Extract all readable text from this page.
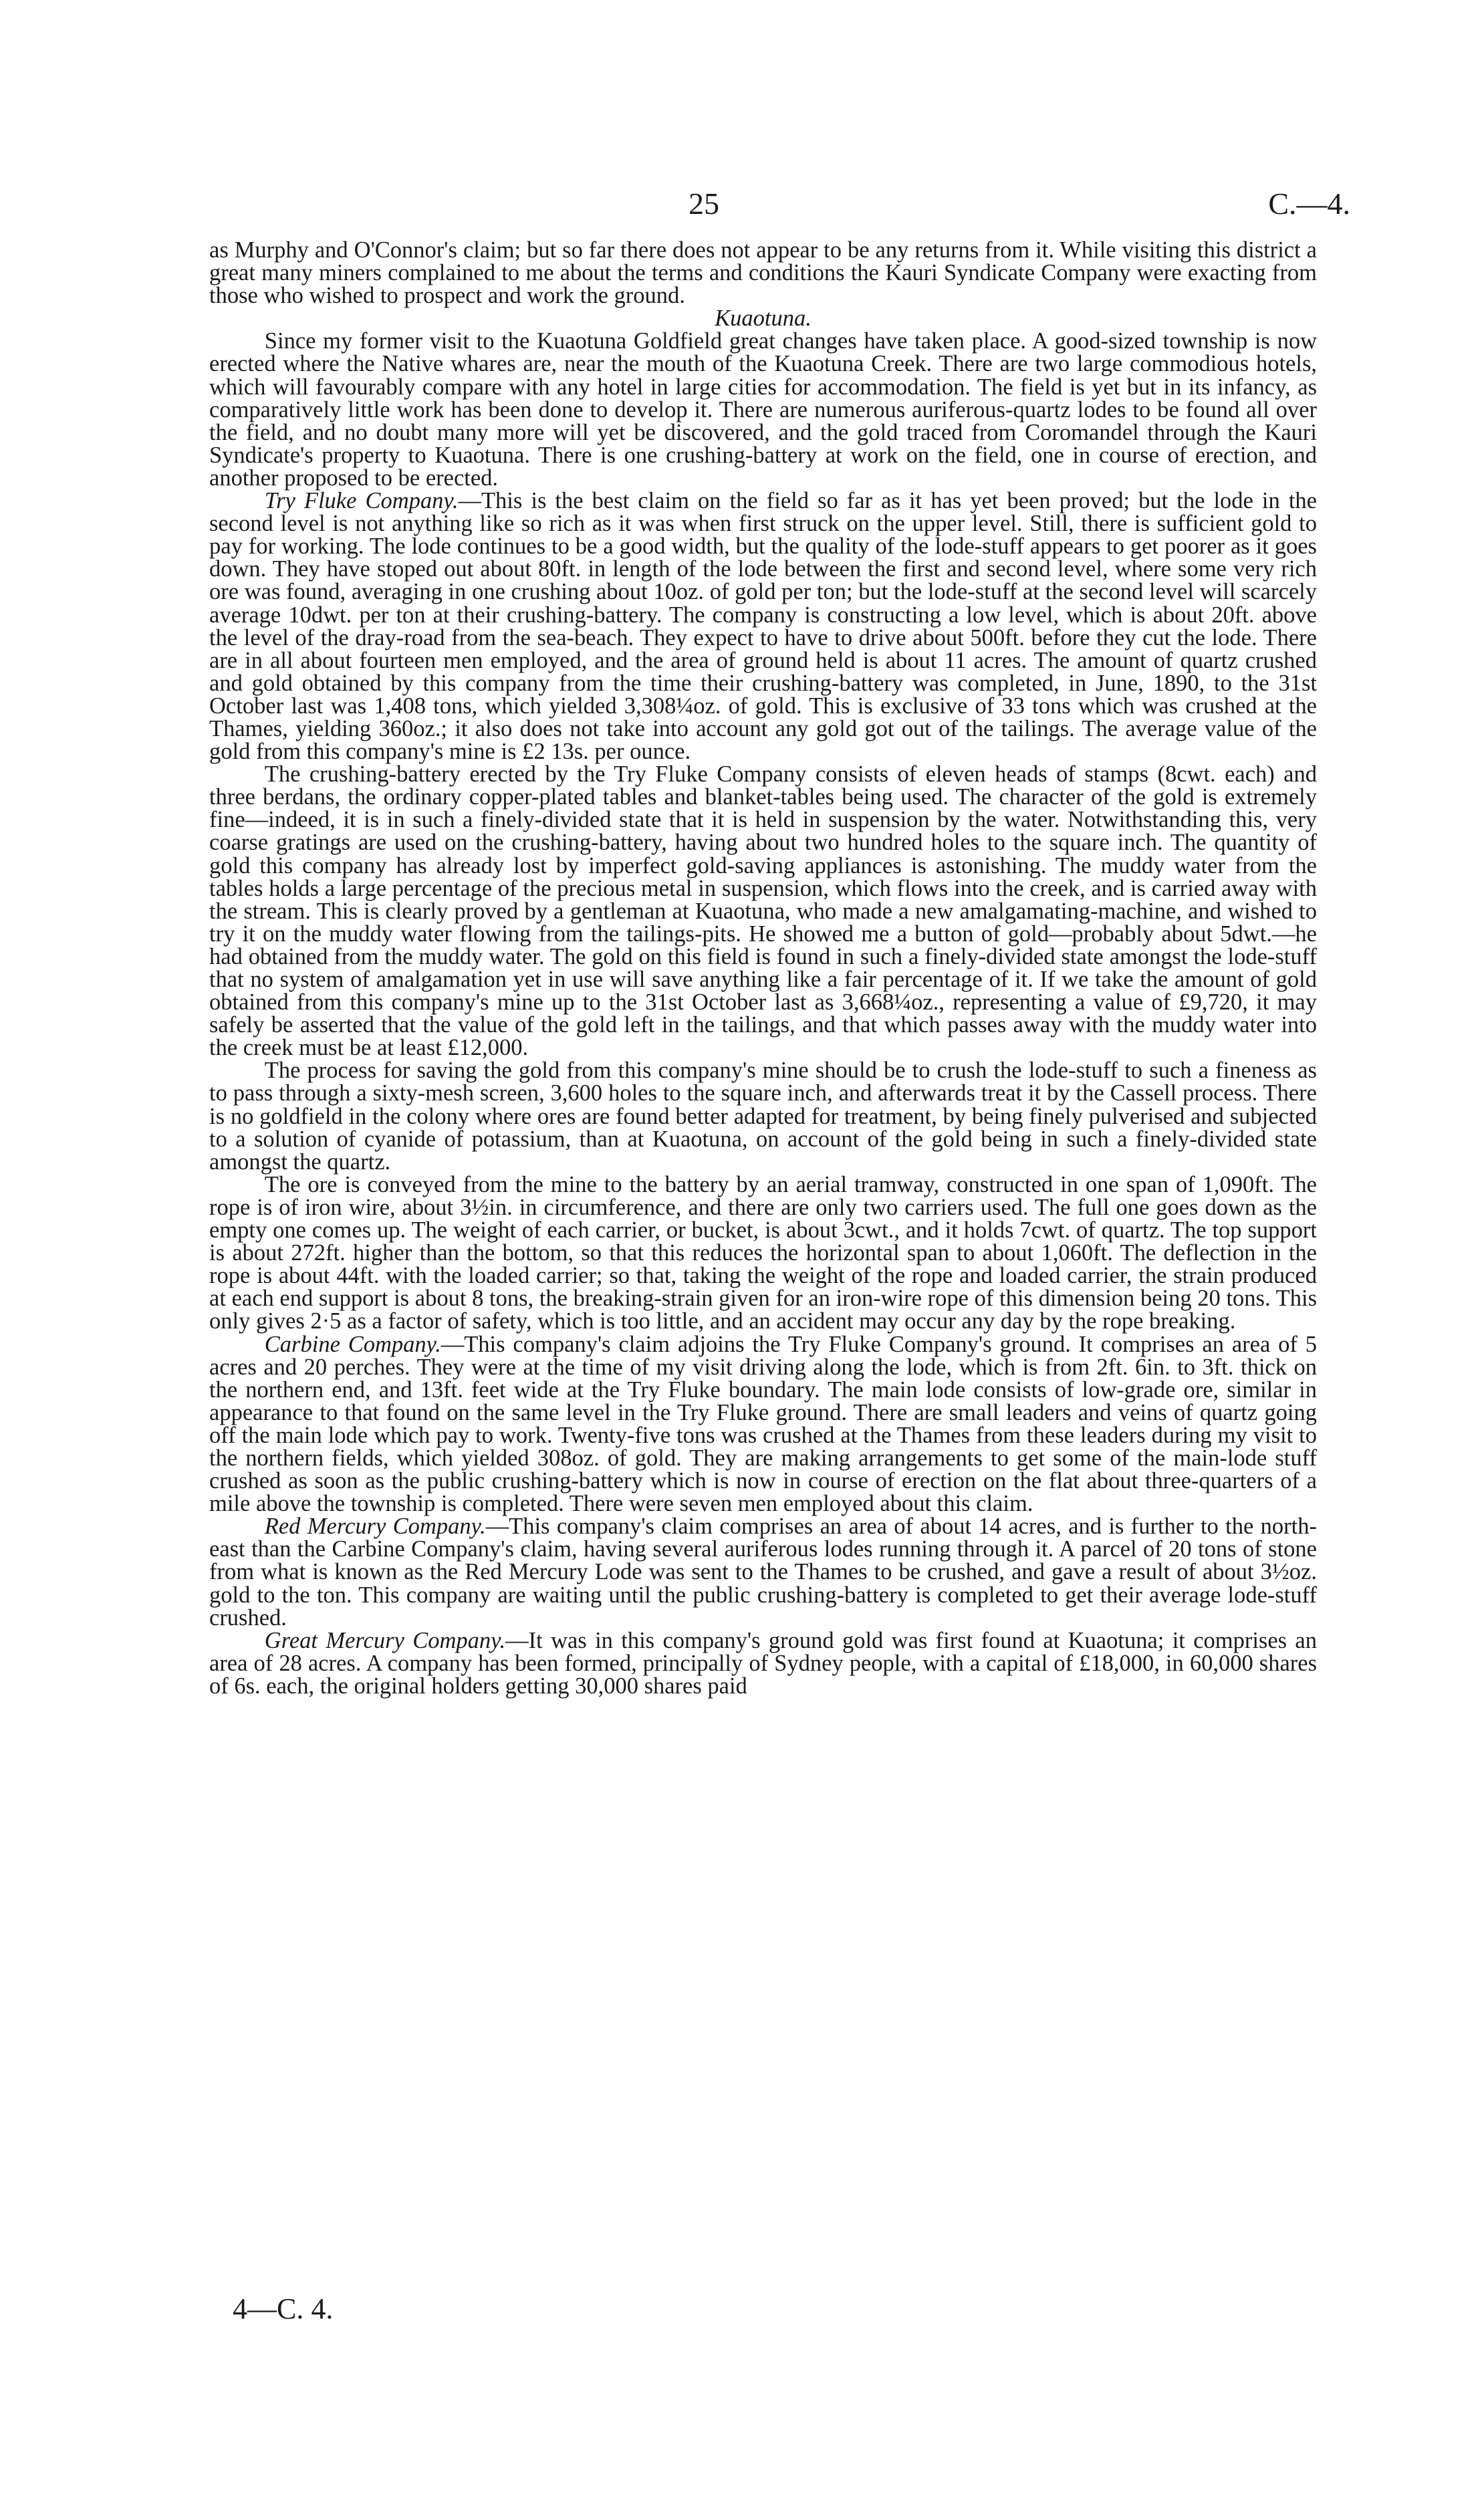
25	C.—4.

as Murphy and O'Connor's claim; but so far there does not appear to be any returns from it. While visiting this district a great many miners complained to me about the terms and conditions the Kauri Syndicate Company were exacting from those who wished to prospect and work the ground.

Kuaotuna.

Since my former visit to the Kuaotuna Goldfield great changes have taken place. A good-sized township is now erected where the Native whares are, near the mouth of the Kuaotuna Creek. There are two large commodious hotels, which will favourably compare with any hotel in large cities for accommodation. The field is yet but in its infancy, as comparatively little work has been done to develop it. There are numerous auriferous-quartz lodes to be found all over the field, and no doubt many more will yet be discovered, and the gold traced from Coromandel through the Kauri Syndicate's property to Kuaotuna. There is one crushing-battery at work on the field, one in course of erection, and another proposed to be erected.

Try Fluke Company.—This is the best claim on the field so far as it has yet been proved; but the lode in the second level is not anything like so rich as it was when first struck on the upper level. Still, there is sufficient gold to pay for working. The lode continues to be a good width, but the quality of the lode-stuff appears to get poorer as it goes down. They have stoped out about 80ft. in length of the lode between the first and second level, where some very rich ore was found, averaging in one crushing about 10oz. of gold per ton; but the lode-stuff at the second level will scarcely average 10dwt. per ton at their crushing-battery. The company is constructing a low level, which is about 20ft. above the level of the dray-road from the sea-beach. They expect to have to drive about 500ft. before they cut the lode. There are in all about fourteen men employed, and the area of ground held is about 11 acres. The amount of quartz crushed and gold obtained by this company from the time their crushing-battery was completed, in June, 1890, to the 31st October last was 1,408 tons, which yielded 3,308¼oz. of gold. This is exclusive of 33 tons which was crushed at the Thames, yielding 360oz.; it also does not take into account any gold got out of the tailings. The average value of the gold from this company's mine is £2 13s. per ounce.

The crushing-battery erected by the Try Fluke Company consists of eleven heads of stamps (8cwt. each) and three berdans, the ordinary copper-plated tables and blanket-tables being used. The character of the gold is extremely fine—indeed, it is in such a finely-divided state that it is held in suspension by the water. Notwithstanding this, very coarse gratings are used on the crushing-battery, having about two hundred holes to the square inch. The quantity of gold this company has already lost by imperfect gold-saving appliances is astonishing. The muddy water from the tables holds a large percentage of the precious metal in suspension, which flows into the creek, and is carried away with the stream. This is clearly proved by a gentleman at Kuaotuna, who made a new amalgamating-machine, and wished to try it on the muddy water flowing from the tailings-pits. He showed me a button of gold—probably about 5dwt.—he had obtained from the muddy water. The gold on this field is found in such a finely-divided state amongst the lode-stuff that no system of amalgamation yet in use will save anything like a fair percentage of it. If we take the amount of gold obtained from this company's mine up to the 31st October last as 3,668¼oz., representing a value of £9,720, it may safely be asserted that the value of the gold left in the tailings, and that which passes away with the muddy water into the creek must be at least £12,000.

The process for saving the gold from this company's mine should be to crush the lode-stuff to such a fineness as to pass through a sixty-mesh screen, 3,600 holes to the square inch, and afterwards treat it by the Cassell process. There is no goldfield in the colony where ores are found better adapted for treatment, by being finely pulverised and subjected to a solution of cyanide of potassium, than at Kuaotuna, on account of the gold being in such a finely-divided state amongst the quartz.

The ore is conveyed from the mine to the battery by an aerial tramway, constructed in one span of 1,090ft. The rope is of iron wire, about 3½in. in circumference, and there are only two carriers used. The full one goes down as the empty one comes up. The weight of each carrier, or bucket, is about 3cwt., and it holds 7cwt. of quartz. The top support is about 272ft. higher than the bottom, so that this reduces the horizontal span to about 1,060ft. The deflection in the rope is about 44ft. with the loaded carrier; so that, taking the weight of the rope and loaded carrier, the strain produced at each end support is about 8 tons, the breaking-strain given for an iron-wire rope of this dimension being 20 tons. This only gives 2·5 as a factor of safety, which is too little, and an accident may occur any day by the rope breaking.

Carbine Company.—This company's claim adjoins the Try Fluke Company's ground. It comprises an area of 5 acres and 20 perches. They were at the time of my visit driving along the lode, which is from 2ft. 6in. to 3ft. thick on the northern end, and 13ft. feet wide at the Try Fluke boundary. The main lode consists of low-grade ore, similar in appearance to that found on the same level in the Try Fluke ground. There are small leaders and veins of quartz going off the main lode which pay to work. Twenty-five tons was crushed at the Thames from these leaders during my visit to the northern fields, which yielded 308oz. of gold. They are making arrangements to get some of the main-lode stuff crushed as soon as the public crushing-battery which is now in course of erection on the flat about three-quarters of a mile above the township is completed. There were seven men employed about this claim.

Red Mercury Company.—This company's claim comprises an area of about 14 acres, and is further to the north-east than the Carbine Company's claim, having several auriferous lodes running through it. A parcel of 20 tons of stone from what is known as the Red Mercury Lode was sent to the Thames to be crushed, and gave a result of about 3½oz. gold to the ton. This company are waiting until the public crushing-battery is completed to get their average lode-stuff crushed.

Great Mercury Company.—It was in this company's ground gold was first found at Kuaotuna; it comprises an area of 28 acres. A company has been formed, principally of Sydney people, with a capital of £18,000, in 60,000 shares of 6s. each, the original holders getting 30,000 shares paid

4—C. 4.
